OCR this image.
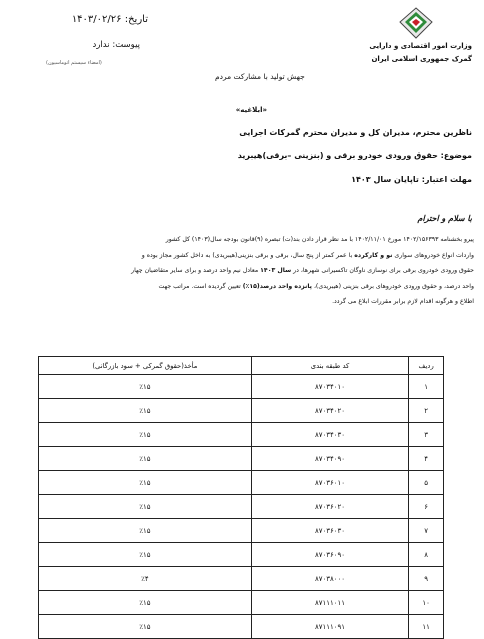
وزارت امور اقتصادی و دارایی
گمرک جمهوری اسلامی ایران
تاریخ: ۱۴۰۳/۰۲/۲۶
پیوست: ندارد
(امضاء سیستم اتوماسیون)
جهش تولید با مشارکت مردم
«ابلاغیه»
ناظرین محترم، مدیران کل و مدیران محترم گمرکات اجرایی
موضوع: حقوق ورودی خودرو برقی و (بنزینی –برقی)هیبرید
مهلت اعتبار: تاپایان سال ۱۴۰۳
با سلام و احترام
پیرو بخشنامه ۱۴۰۲/۱۵۶۳۹۳ مورخ ۱۴۰۲/۱۱/۰۱ با مد نظر قرار دادن بند(ت) تبصره (۹)قانون بودجه سال(۱۴۰۳) کل کشور
واردات انواع خودروهای سواری نو و کارکرده با عمر کمتر از پنج سال، برقی و برقی بنزینی(هیبریدی) به داخل کشور مجاز بوده و
حقوق ورودی خودروی برقی برای نوسازی ناوگان تاکسیرانی شهرها، در سال ۱۴۰۳ معادل نیم واحد درصد و برای سایر متقاضیان چهار
واحد درصد، و حقوق ورودی خودروهای برقی بنزینی (هیبریدی)، پانزده واحد درصد(۱۵٪) تعیین گردیده است. مراتب جهت
اطلاع و هرگونه اقدام لازم برابر مقررات ابلاغ می گردد.
ردیف	کد طبقه بندی	مأخذ(حقوق گمرکی + سود بازرگانی)
۱	۸۷۰۳۴۰۱۰	٪۱۵
۲	۸۷۰۳۴۰۲۰	٪۱۵
۳	۸۷۰۳۴۰۳۰	٪۱۵
۴	۸۷۰۳۴۰۹۰	٪۱۵
۵	۸۷۰۳۶۰۱۰	٪۱۵
۶	۸۷۰۳۶۰۲۰	٪۱۵
۷	۸۷۰۳۶۰۳۰	٪۱۵
۸	۸۷۰۳۶۰۹۰	٪۱۵
۹	۸۷۰۳۸۰۰۰	٪۴
۱۰	۸۷۱۱۱۰۱۱	٪۱۵
۱۱	۸۷۱۱۱۰۹۱	٪۱۵
